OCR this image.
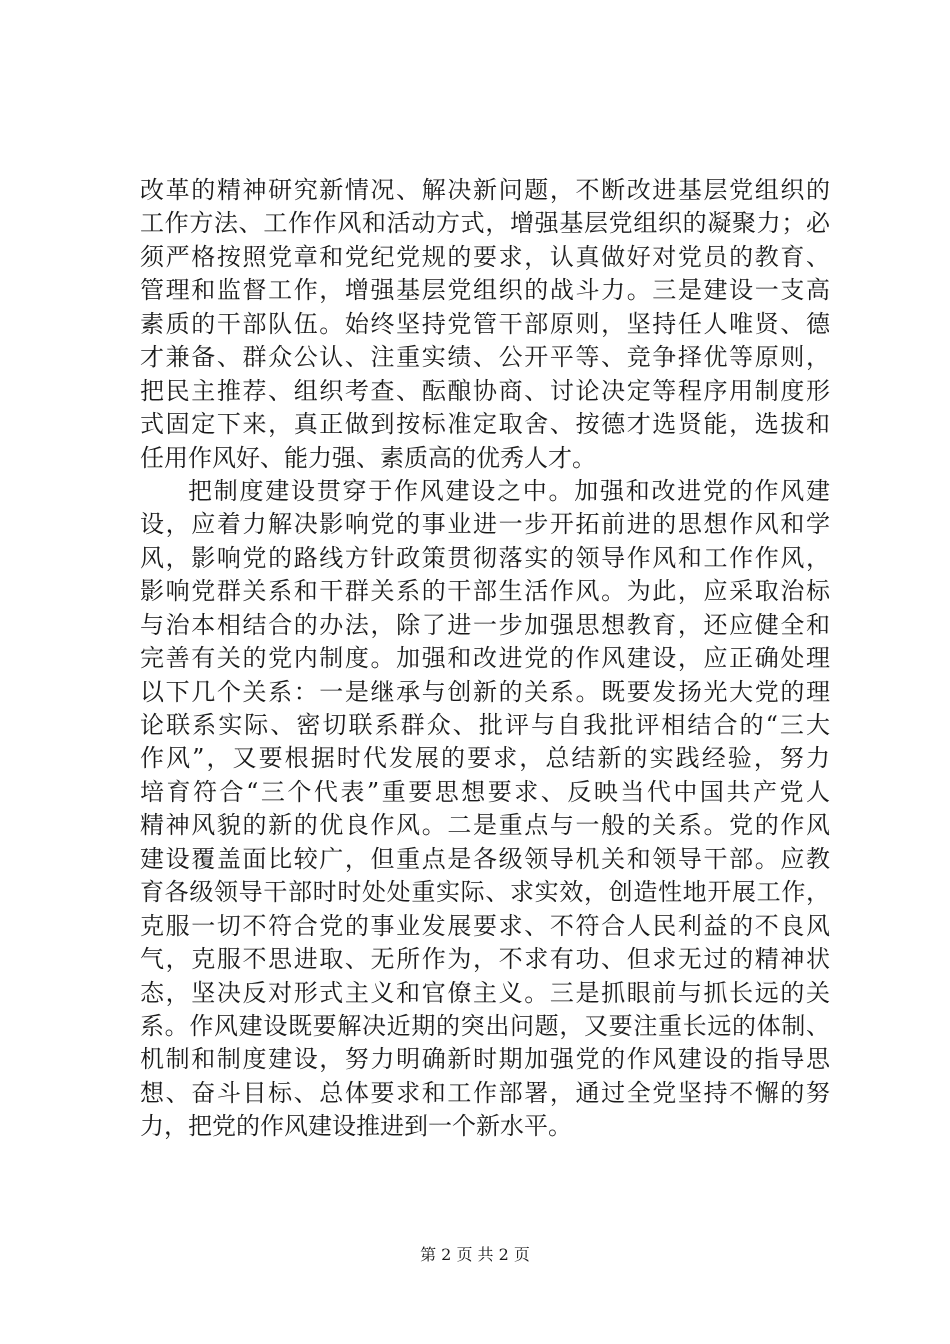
改革的精神研究新情况、解决新问题，不断改进基层党组织的
工作方法、工作作风和活动方式，增强基层党组织的凝聚力；必
须严格按照党章和党纪党规的要求，认真做好对党员的教育、
管理和监督工作，增强基层党组织的战斗力。三是建设一支高
素质的干部队伍。始终坚持党管干部原则，坚持任人唯贤、德
才兼备、群众公认、注重实绩、公开平等、竞争择优等原则，
把民主推荐、组织考查、酝酿协商、讨论决定等程序用制度形
式固定下来，真正做到按标准定取舍、按德才选贤能，选拔和
任用作风好、能力强、素质高的优秀人才。
把制度建设贯穿于作风建设之中。加强和改进党的作风建
设，应着力解决影响党的事业进一步开拓前进的思想作风和学
风，影响党的路线方针政策贯彻落实的领导作风和工作作风，
影响党群关系和干群关系的干部生活作风。为此，应采取治标
与治本相结合的办法，除了进一步加强思想教育，还应健全和
完善有关的党内制度。加强和改进党的作风建设，应正确处理
以下几个关系：一是继承与创新的关系。既要发扬光大党的理
论联系实际、密切联系群众、批评与自我批评相结合的“三大
作风”，又要根据时代发展的要求，总结新的实践经验，努力
培育符合“三个代表”重要思想要求、反映当代中国共产党人
精神风貌的新的优良作风。二是重点与一般的关系。党的作风
建设覆盖面比较广，但重点是各级领导机关和领导干部。应教
育各级领导干部时时处处重实际、求实效，创造性地开展工作，
克服一切不符合党的事业发展要求、不符合人民利益的不良风
气，克服不思进取、无所作为，不求有功、但求无过的精神状
态，坚决反对形式主义和官僚主义。三是抓眼前与抓长远的关
系。作风建设既要解决近期的突出问题，又要注重长远的体制、
机制和制度建设，努力明确新时期加强党的作风建设的指导思
想、奋斗目标、总体要求和工作部署，通过全党坚持不懈的努
力，把党的作风建设推进到一个新水平。
第 2 页 共 2 页
